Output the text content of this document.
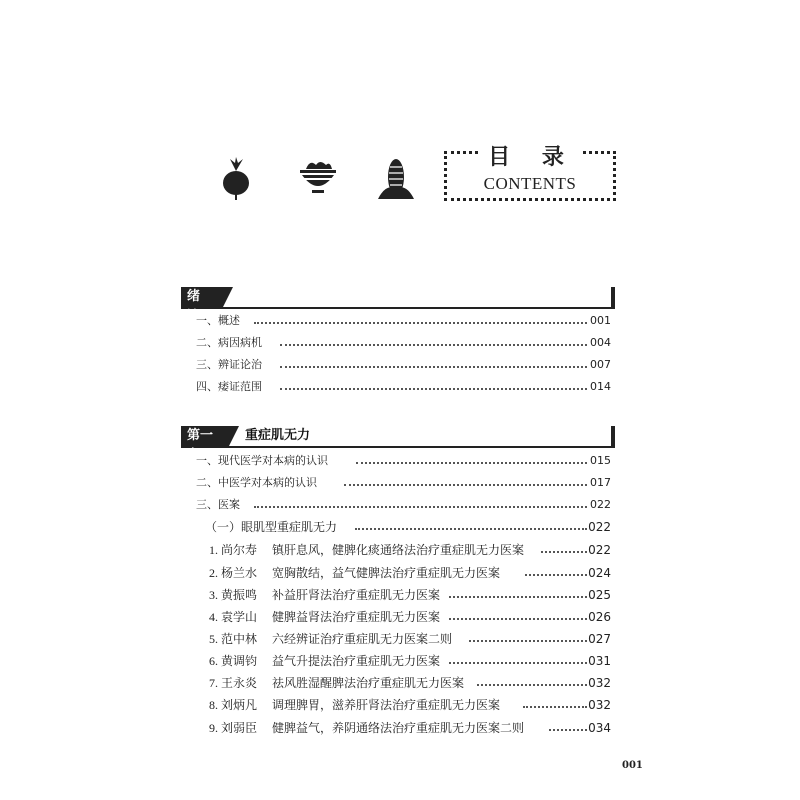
目 录
CONTENTS
绪 论
一、概述	001
二、病因病机	004
三、辨证论治	007
四、痿证范围	014
第一章
重症肌无力
一、现代医学对本病的认识	015
二、中医学对本病的认识	017
三、医案	022
（一）眼肌型重症肌无力	022
1. 尚尔寿 　镇肝息风，健脾化痰通络法治疗重症肌无力医案	022
2. 杨兰水 　宽胸散结，益气健脾法治疗重症肌无力医案	024
3. 黄振鸣 　补益肝肾法治疗重症肌无力医案	025
4. 袁学山 　健脾益肾法治疗重症肌无力医案	026
5. 范中林 　六经辨证治疗重症肌无力医案二则	027
6. 黄调钧 　益气升提法治疗重症肌无力医案	031
7. 王永炎 　祛风胜湿醒脾法治疗重症肌无力医案	032
8. 刘炳凡 　调理脾胃，滋养肝肾法治疗重症肌无力医案	032
9. 刘弱臣 　健脾益气，养阴通络法治疗重症肌无力医案二则	034
001
